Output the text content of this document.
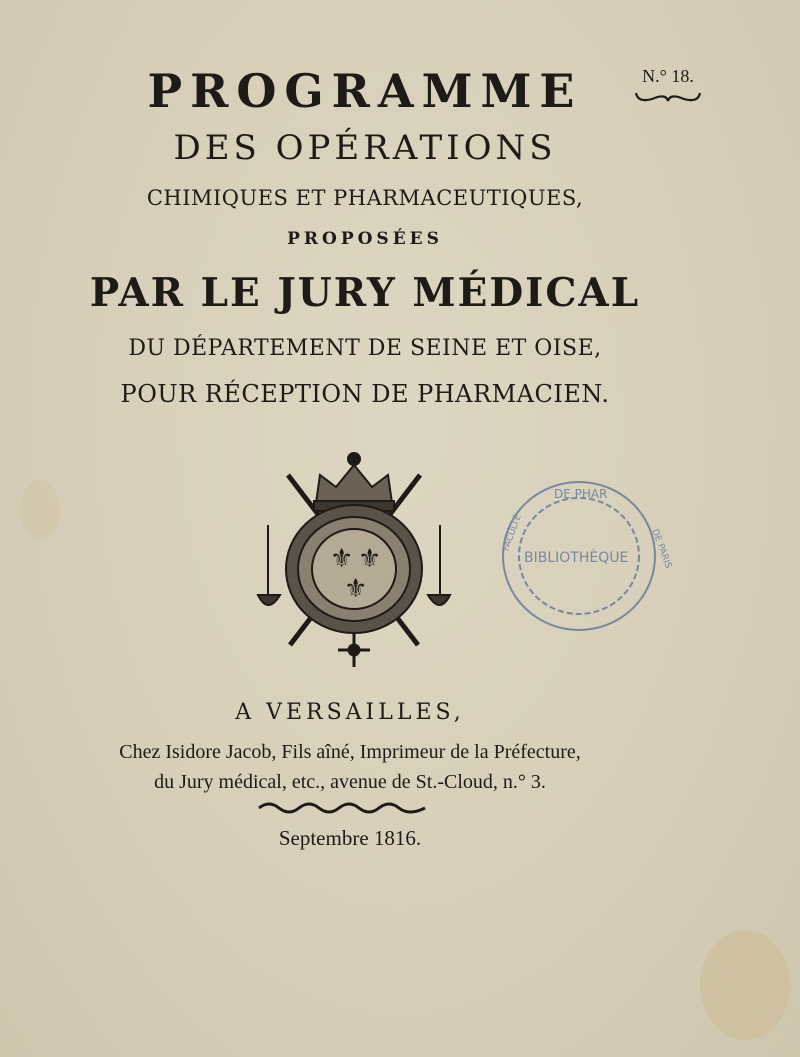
PROGRAMME	N.° 18.
DES OPÉRATIONS
CHIMIQUES ET PHARMACEUTIQUES,
PROPOSÉES
PAR LE JURY MÉDICAL
DU DÉPARTEMENT DE SEINE ET OISE,
POUR RÉCEPTION DE PHARMACIEN.
⚜ ⚜
⚜
DE PHAR
BIBLIOTHÈQUE
FACULTÉ	DE PARIS
A VERSAILLES,
Chez Isidore Jacob, Fils aîné, Imprimeur de la Préfecture,
du Jury médical, etc., avenue de St.-Cloud, n.° 3.
Septembre 1816.
